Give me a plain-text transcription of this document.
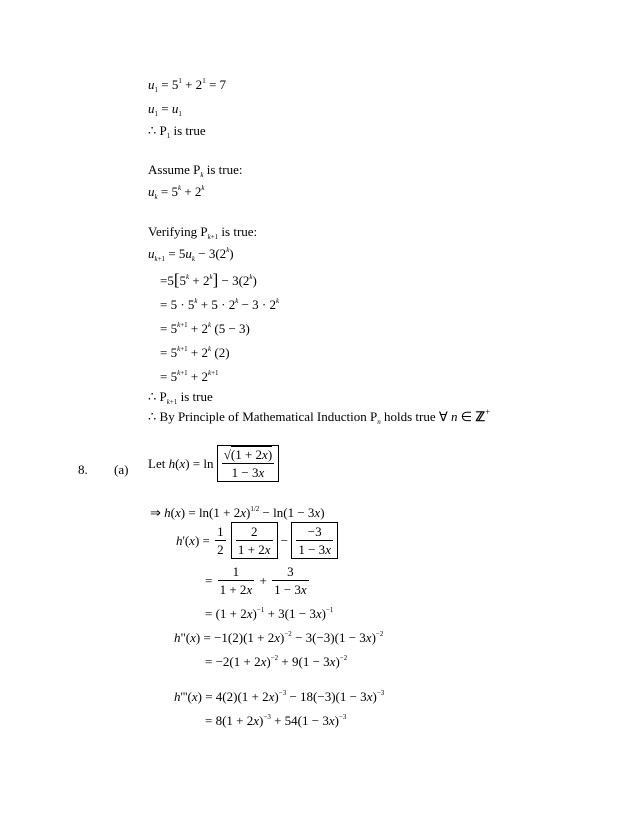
$u_1 = 5^1 + 2^1 = 7$
$u_1 = u_1$
∴ $P_1$ is true
Assume $P_k$ is true:
$u_k = 5^k + 2^k$
Verifying $P_{k+1}$ is true:
$u_{k+1} = 5u_k - 3(2^k)$
$=5[5^k + 2^k] - 3(2^k)$
= $5 \cdot 5^k + 5 \cdot 2^k - 3 \cdot 2^k$
= $5^{k+1} + 2^k$ (5 − 3)
= $5^{k+1} + 2^k$ (2)
= $5^{k+1} + 2^{k+1}$
∴ $P_{k+1}$ is true
∴ By Principle of Mathematical Induction $P_n$ holds true ∀ n ∈ ℤ+
8. (a) Let $h(x) = \ln \frac{√(1 + 2x)}{1 - 3x}$
⇒ $h(x) = \ln(1 + 2x)^{1/2} - \ln(1 - 3x)$
$h'(x) = \frac{1}{2}$
$\frac{2}{1 + 2x} - \frac{-3}{1 - 3x}$
= $\frac{1}{1 + 2x} + \frac{3}{1 - 3x}$
= $(1 + 2x)^{-1} + 3(1 - 3x)^{-1}$
h"(x) = $-1(2)(1 + 2x)^{-2} - 3(-3)(1 - 3x)^{-2}$
= $-2(1 + 2x)^{-2} + 9(1 - 3x)^{-2}$
$h'''(x) = 4(2)(1 + 2x)^{-3} - 18(-3)(1 - 3x)^{-3}$
= $8(1 + 2x)^{-3} + 54(1 - 3x)^{-3}$
